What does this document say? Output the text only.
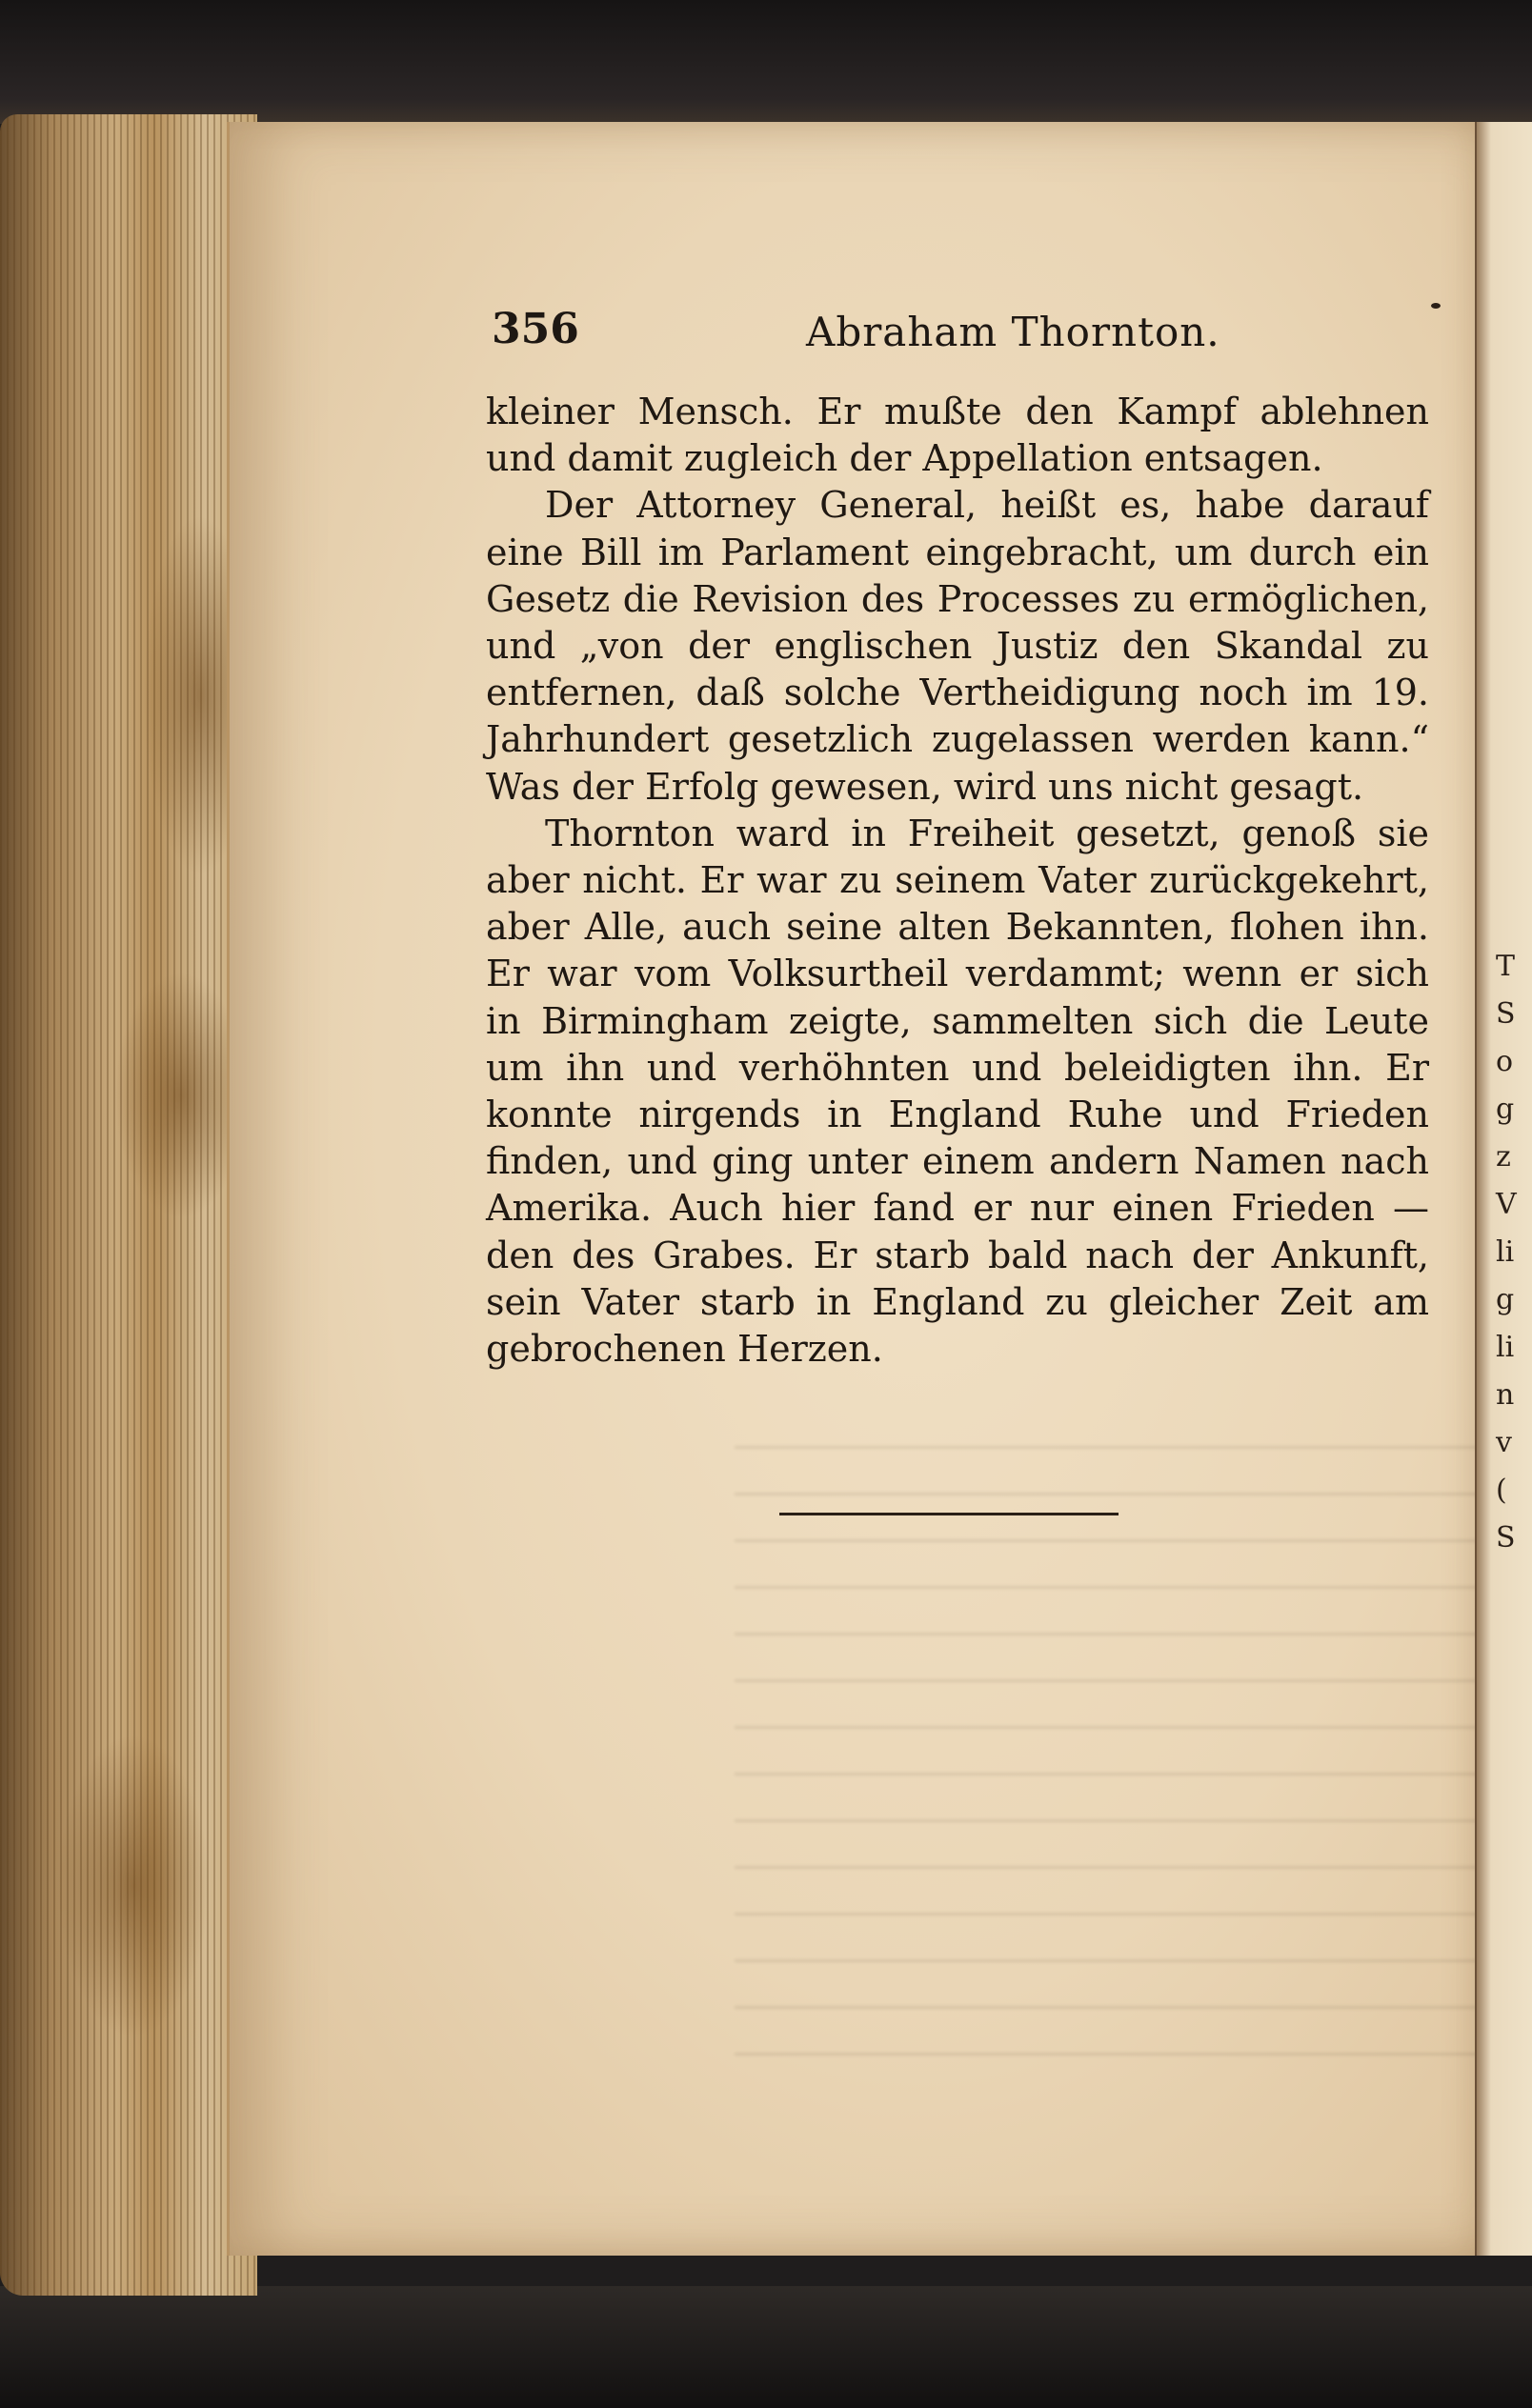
T
S
o
g
z
V
li
g
li
n
v
(
S
356	Abraham Thornton.

kleiner Mensch. Er mußte den Kampf ablehnen und damit zugleich der Appellation entsagen.

Der Attorney General, heißt es, habe darauf eine Bill im Parlament eingebracht, um durch ein Gesetz die Revision des Processes zu ermöglichen, und „von der englischen Justiz den Skandal zu entfernen, daß solche Vertheidigung noch im 19. Jahrhundert gesetzlich zugelassen werden kann.“ Was der Erfolg gewesen, wird uns nicht gesagt.

Thornton ward in Freiheit gesetzt, genoß sie aber nicht. Er war zu seinem Vater zurückgekehrt, aber Alle, auch seine alten Bekannten, flohen ihn. Er war vom Volksurtheil verdammt; wenn er sich in Birmingham zeigte, sammelten sich die Leute um ihn und verhöhnten und beleidigten ihn. Er konnte nirgends in England Ruhe und Frieden finden, und ging unter einem andern Namen nach Amerika. Auch hier fand er nur einen Frieden — den des Grabes. Er starb bald nach der Ankunft, sein Vater starb in England zu gleicher Zeit am gebrochenen Herzen.
